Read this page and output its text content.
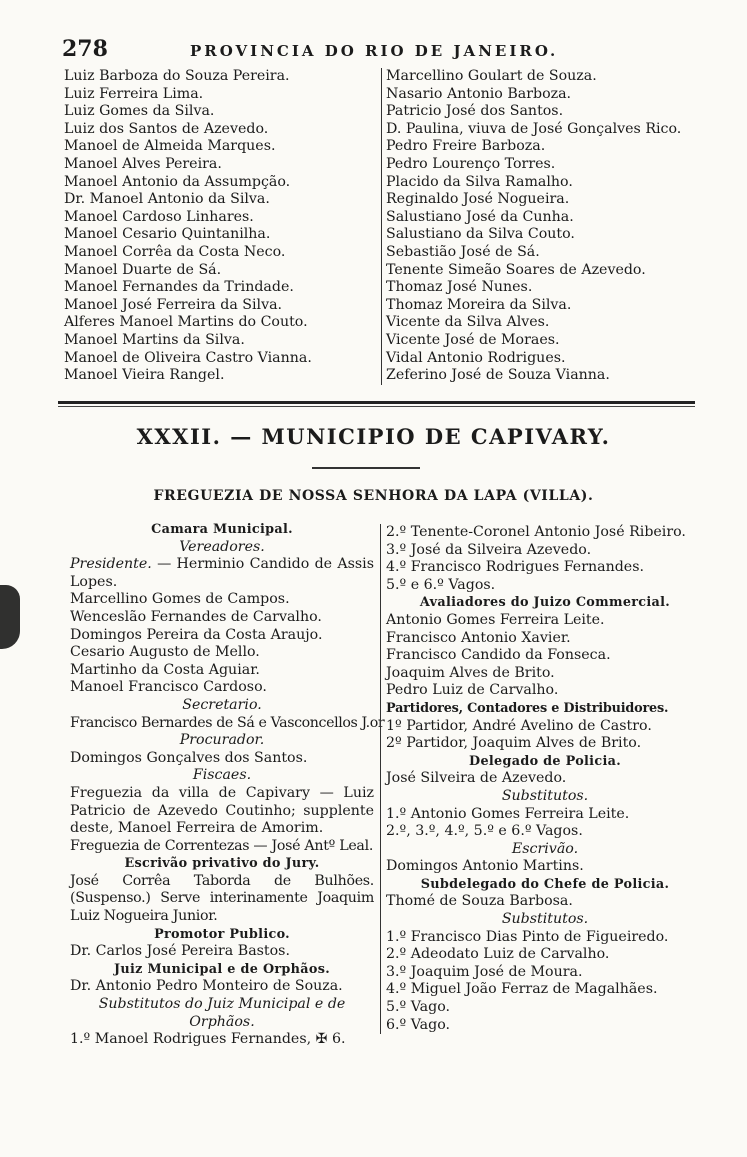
278	PROVINCIA DO RIO DE JANEIRO.
Luiz Barboza do Souza Pereira.
Luiz Ferreira Lima.
Luiz Gomes da Silva.
Luiz dos Santos de Azevedo.
Manoel de Almeida Marques.
Manoel Alves Pereira.
Manoel Antonio da Assumpção.
Dr. Manoel Antonio da Silva.
Manoel Cardoso Linhares.
Manoel Cesario Quintanilha.
Manoel Corrêa da Costa Neco.
Manoel Duarte de Sá.
Manoel Fernandes da Trindade.
Manoel José Ferreira da Silva.
Alferes Manoel Martins do Couto.
Manoel Martins da Silva.
Manoel de Oliveira Castro Vianna.
Manoel Vieira Rangel.
Marcellino Goulart de Souza.
Nasario Antonio Barboza.
Patricio José dos Santos.
D. Paulina, viuva de José Gonçalves Rico.
Pedro Freire Barboza.
Pedro Lourenço Torres.
Placido da Silva Ramalho.
Reginaldo José Nogueira.
Salustiano José da Cunha.
Salustiano da Silva Couto.
Sebastião José de Sá.
Tenente Simeão Soares de Azevedo.
Thomaz José Nunes.
Thomaz Moreira da Silva.
Vicente da Silva Alves.
Vicente José de Moraes.
Vidal Antonio Rodrigues.
Zeferino José de Souza Vianna.
XXXII. — MUNICIPIO DE CAPIVARY.
FREGUEZIA DE NOSSA SENHORA DA LAPA (VILLA).
Camara Municipal.
Vereadores.
Presidente. — Herminio Candido de Assis Lopes.
Marcellino Gomes de Campos.
Wenceslão Fernandes de Carvalho.
Domingos Pereira da Costa Araujo.
Cesario Augusto de Mello.
Martinho da Costa Aguiar.
Manoel Francisco Cardoso.
Secretario.
Francisco Bernardes de Sá e Vasconcellos J.or
Procurador.
Domingos Gonçalves dos Santos.
Fiscaes.
Freguezia da villa de Capivary — Luiz Patricio de Azevedo Coutinho; supplente deste, Manoel Ferreira de Amorim.
Freguezia de Correntezas — José Antº Leal.
Escrivão privativo do Jury.
José Corrêa Taborda de Bulhões. (Suspenso.) Serve interinamente Joaquim Luiz Nogueira Junior.
Promotor Publico.
Dr. Carlos José Pereira Bastos.
Juiz Municipal e de Orphãos.
Dr. Antonio Pedro Monteiro de Souza.
Substitutos do Juiz Municipal e de Orphãos.
1.º Manoel Rodrigues Fernandes, ✠ 6.
2.º Tenente-Coronel Antonio José Ribeiro.
3.º José da Silveira Azevedo.
4.º Francisco Rodrigues Fernandes.
5.º e 6.º Vagos.
Avaliadores do Juizo Commercial.
Antonio Gomes Ferreira Leite.
Francisco Antonio Xavier.
Francisco Candido da Fonseca.
Joaquim Alves de Brito.
Pedro Luiz de Carvalho.
Partidores, Contadores e Distribuidores.
1º Partidor, André Avelino de Castro.
2º Partidor, Joaquim Alves de Brito.
Delegado de Policia.
José Silveira de Azevedo.
Substitutos.
1.º Antonio Gomes Ferreira Leite.
2.º, 3.º, 4.º, 5.º e 6.º Vagos.
Escrivão.
Domingos Antonio Martins.
Subdelegado do Chefe de Policia.
Thomé de Souza Barbosa.
Substitutos.
1.º Francisco Dias Pinto de Figueiredo.
2.º Adeodato Luiz de Carvalho.
3.º Joaquim José de Moura.
4.º Miguel João Ferraz de Magalhães.
5.º Vago.
6.º Vago.
